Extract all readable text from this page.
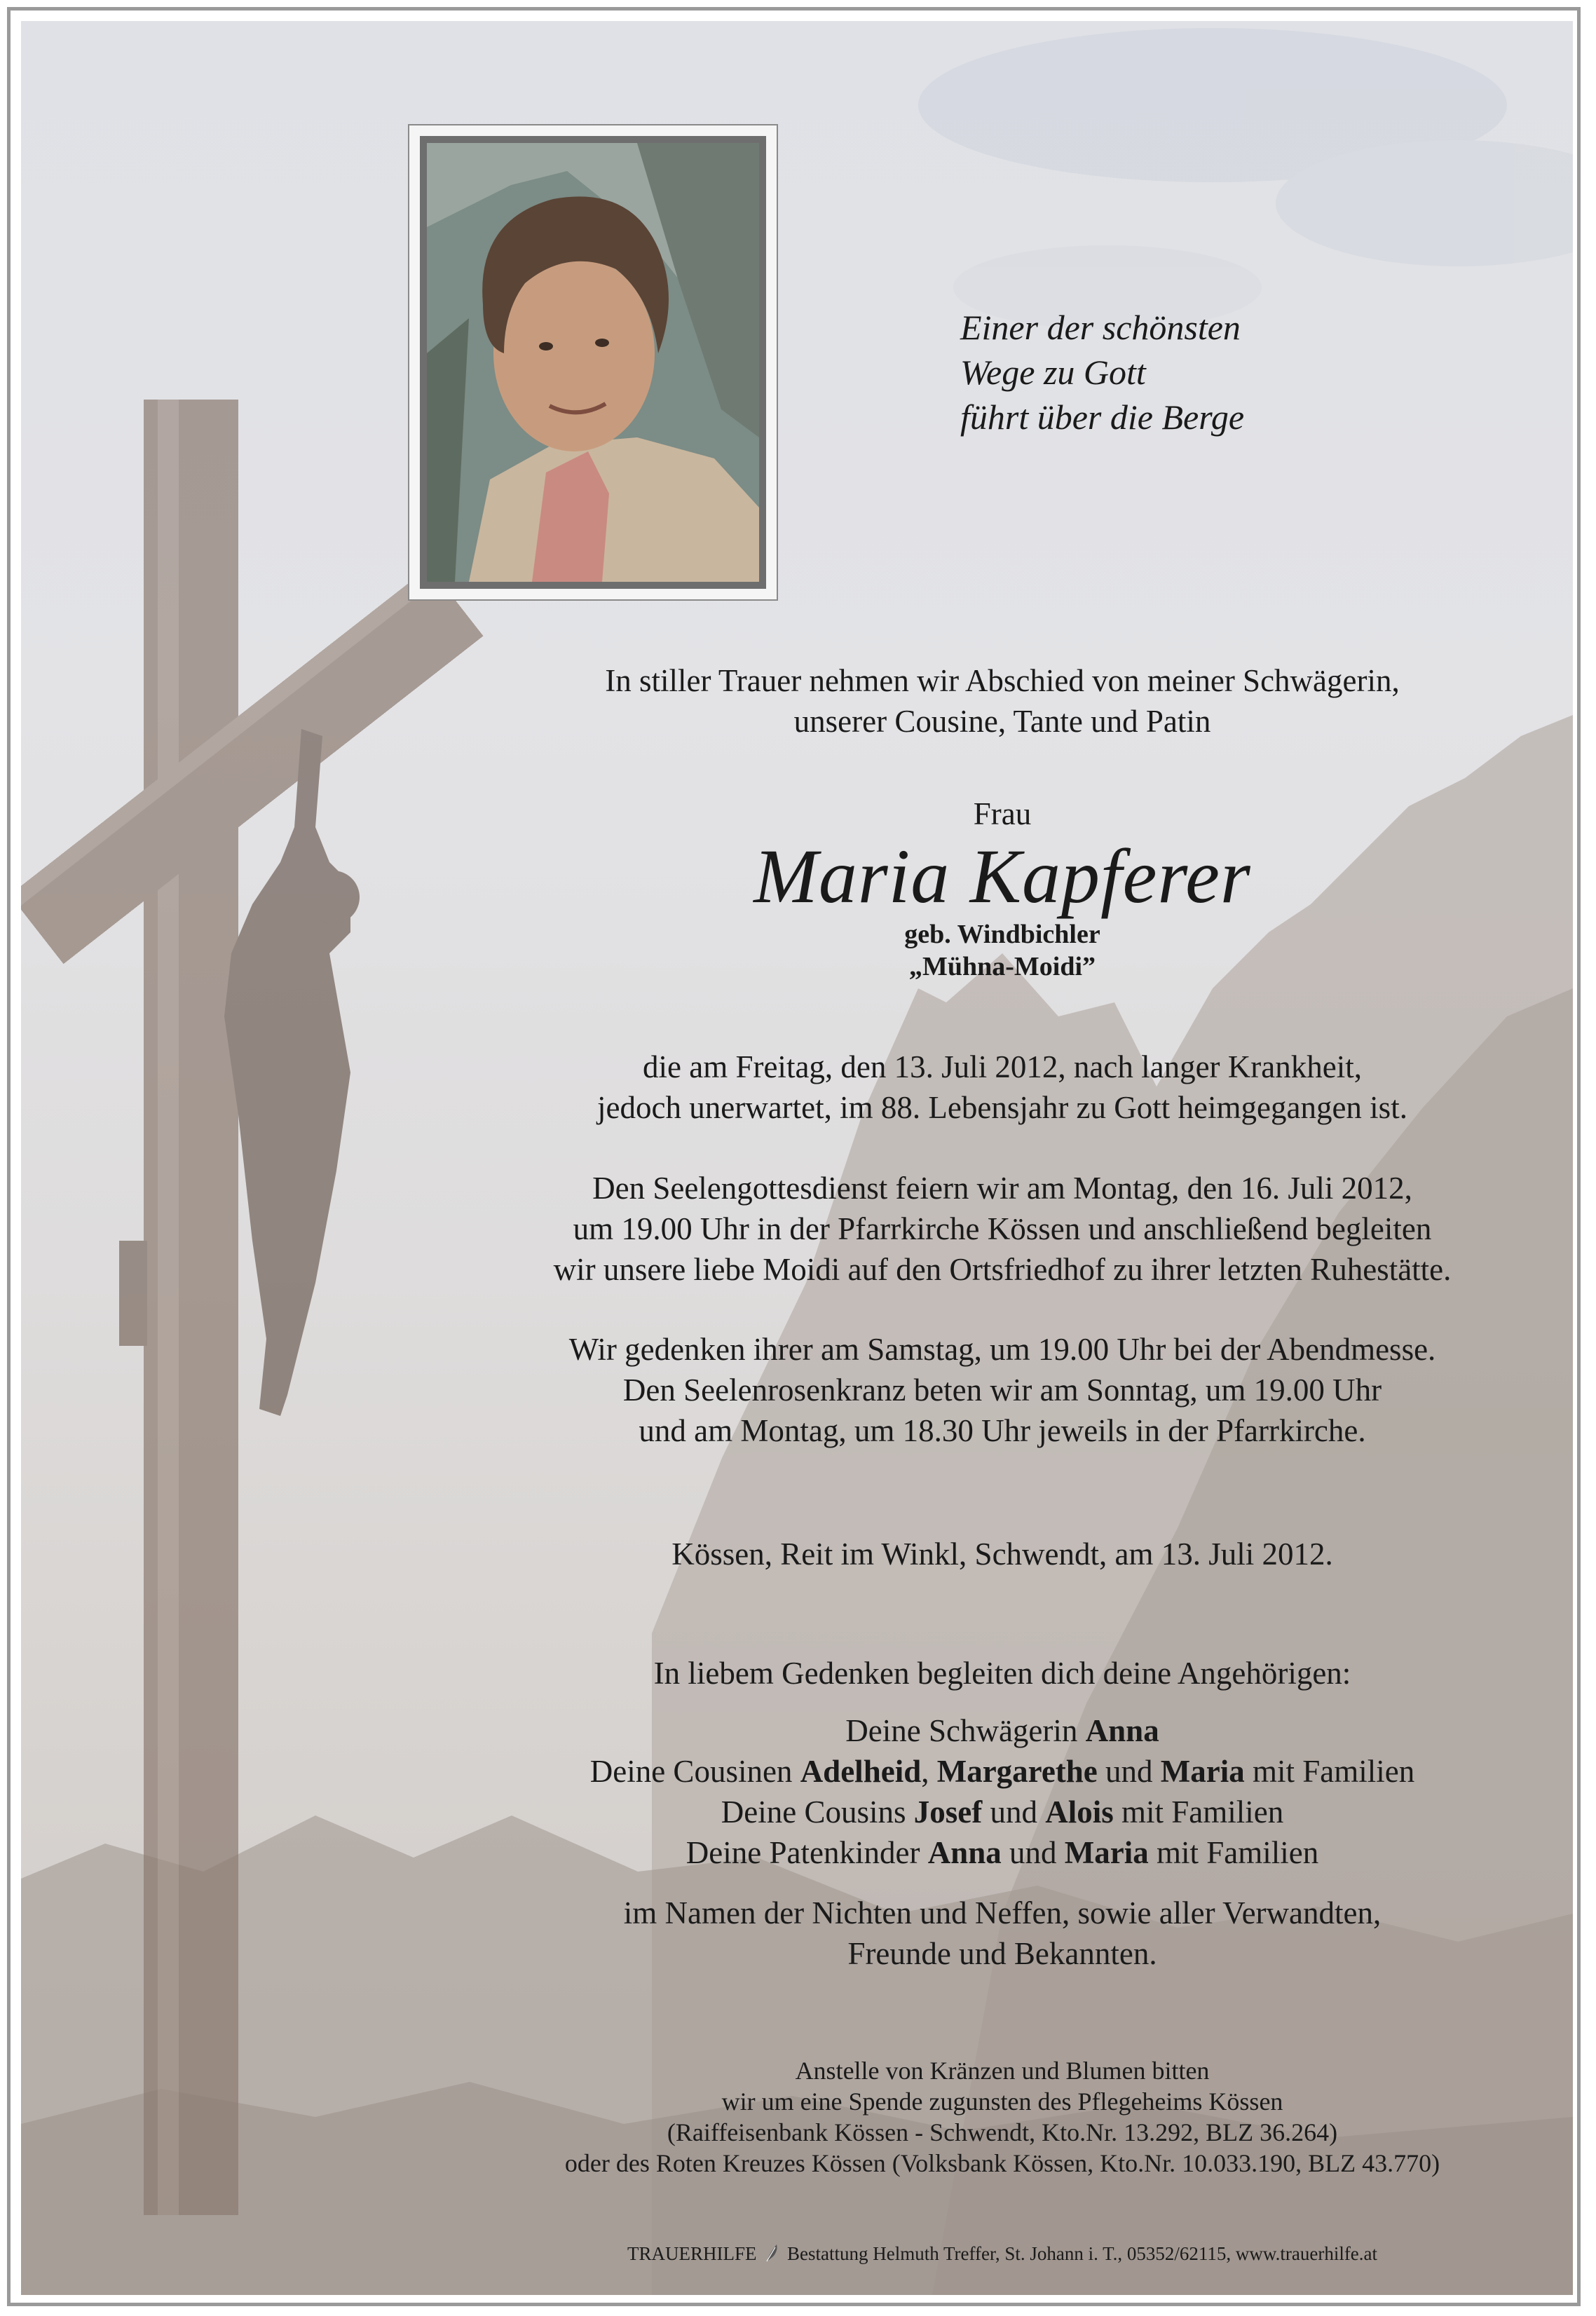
Einer der schönsten
Wege zu Gott
führt über die Berge

In stiller Trauer nehmen wir Abschied von meiner Schwägerin,

unserer Cousine, Tante und Patin

Frau

Maria Kapferer

geb. Windbichler

„Mühna-Moidi”

die am Freitag, den 13. Juli 2012, nach langer Krankheit,

jedoch unerwartet, im 88. Lebensjahr zu Gott heimgegangen ist.

Den Seelengottesdienst feiern wir am Montag, den 16. Juli 2012,

um 19.00 Uhr in der Pfarrkirche Kössen und anschließend begleiten

wir unsere liebe Moidi auf den Ortsfriedhof zu ihrer letzten Ruhestätte.

Wir gedenken ihrer am Samstag, um 19.00 Uhr bei der Abendmesse.

Den Seelenrosenkranz beten wir am Sonntag, um 19.00 Uhr

und am Montag, um 18.30 Uhr jeweils in der Pfarrkirche.

Kössen, Reit im Winkl, Schwendt, am 13. Juli 2012.

In liebem Gedenken begleiten dich deine Angehörigen:

Deine Schwägerin Anna

Deine Cousinen Adelheid, Margarethe und Maria mit Familien

Deine Cousins Josef und Alois mit Familien

Deine Patenkinder Anna und Maria mit Familien

im Namen der Nichten und Neffen, sowie aller Verwandten,

Freunde und Bekannten.

Anstelle von Kränzen und Blumen bitten

wir um eine Spende zugunsten des Pflegeheims Kössen

(Raiffeisenbank Kössen - Schwendt, Kto.Nr. 13.292, BLZ 36.264)

oder des Roten Kreuzes Kössen (Volksbank Kössen, Kto.Nr. 10.033.190, BLZ 43.770)

TRAUERHILFE Bestattung Helmuth Treffer, St. Johann i. T., 05352/62115, www.trauerhilfe.at
